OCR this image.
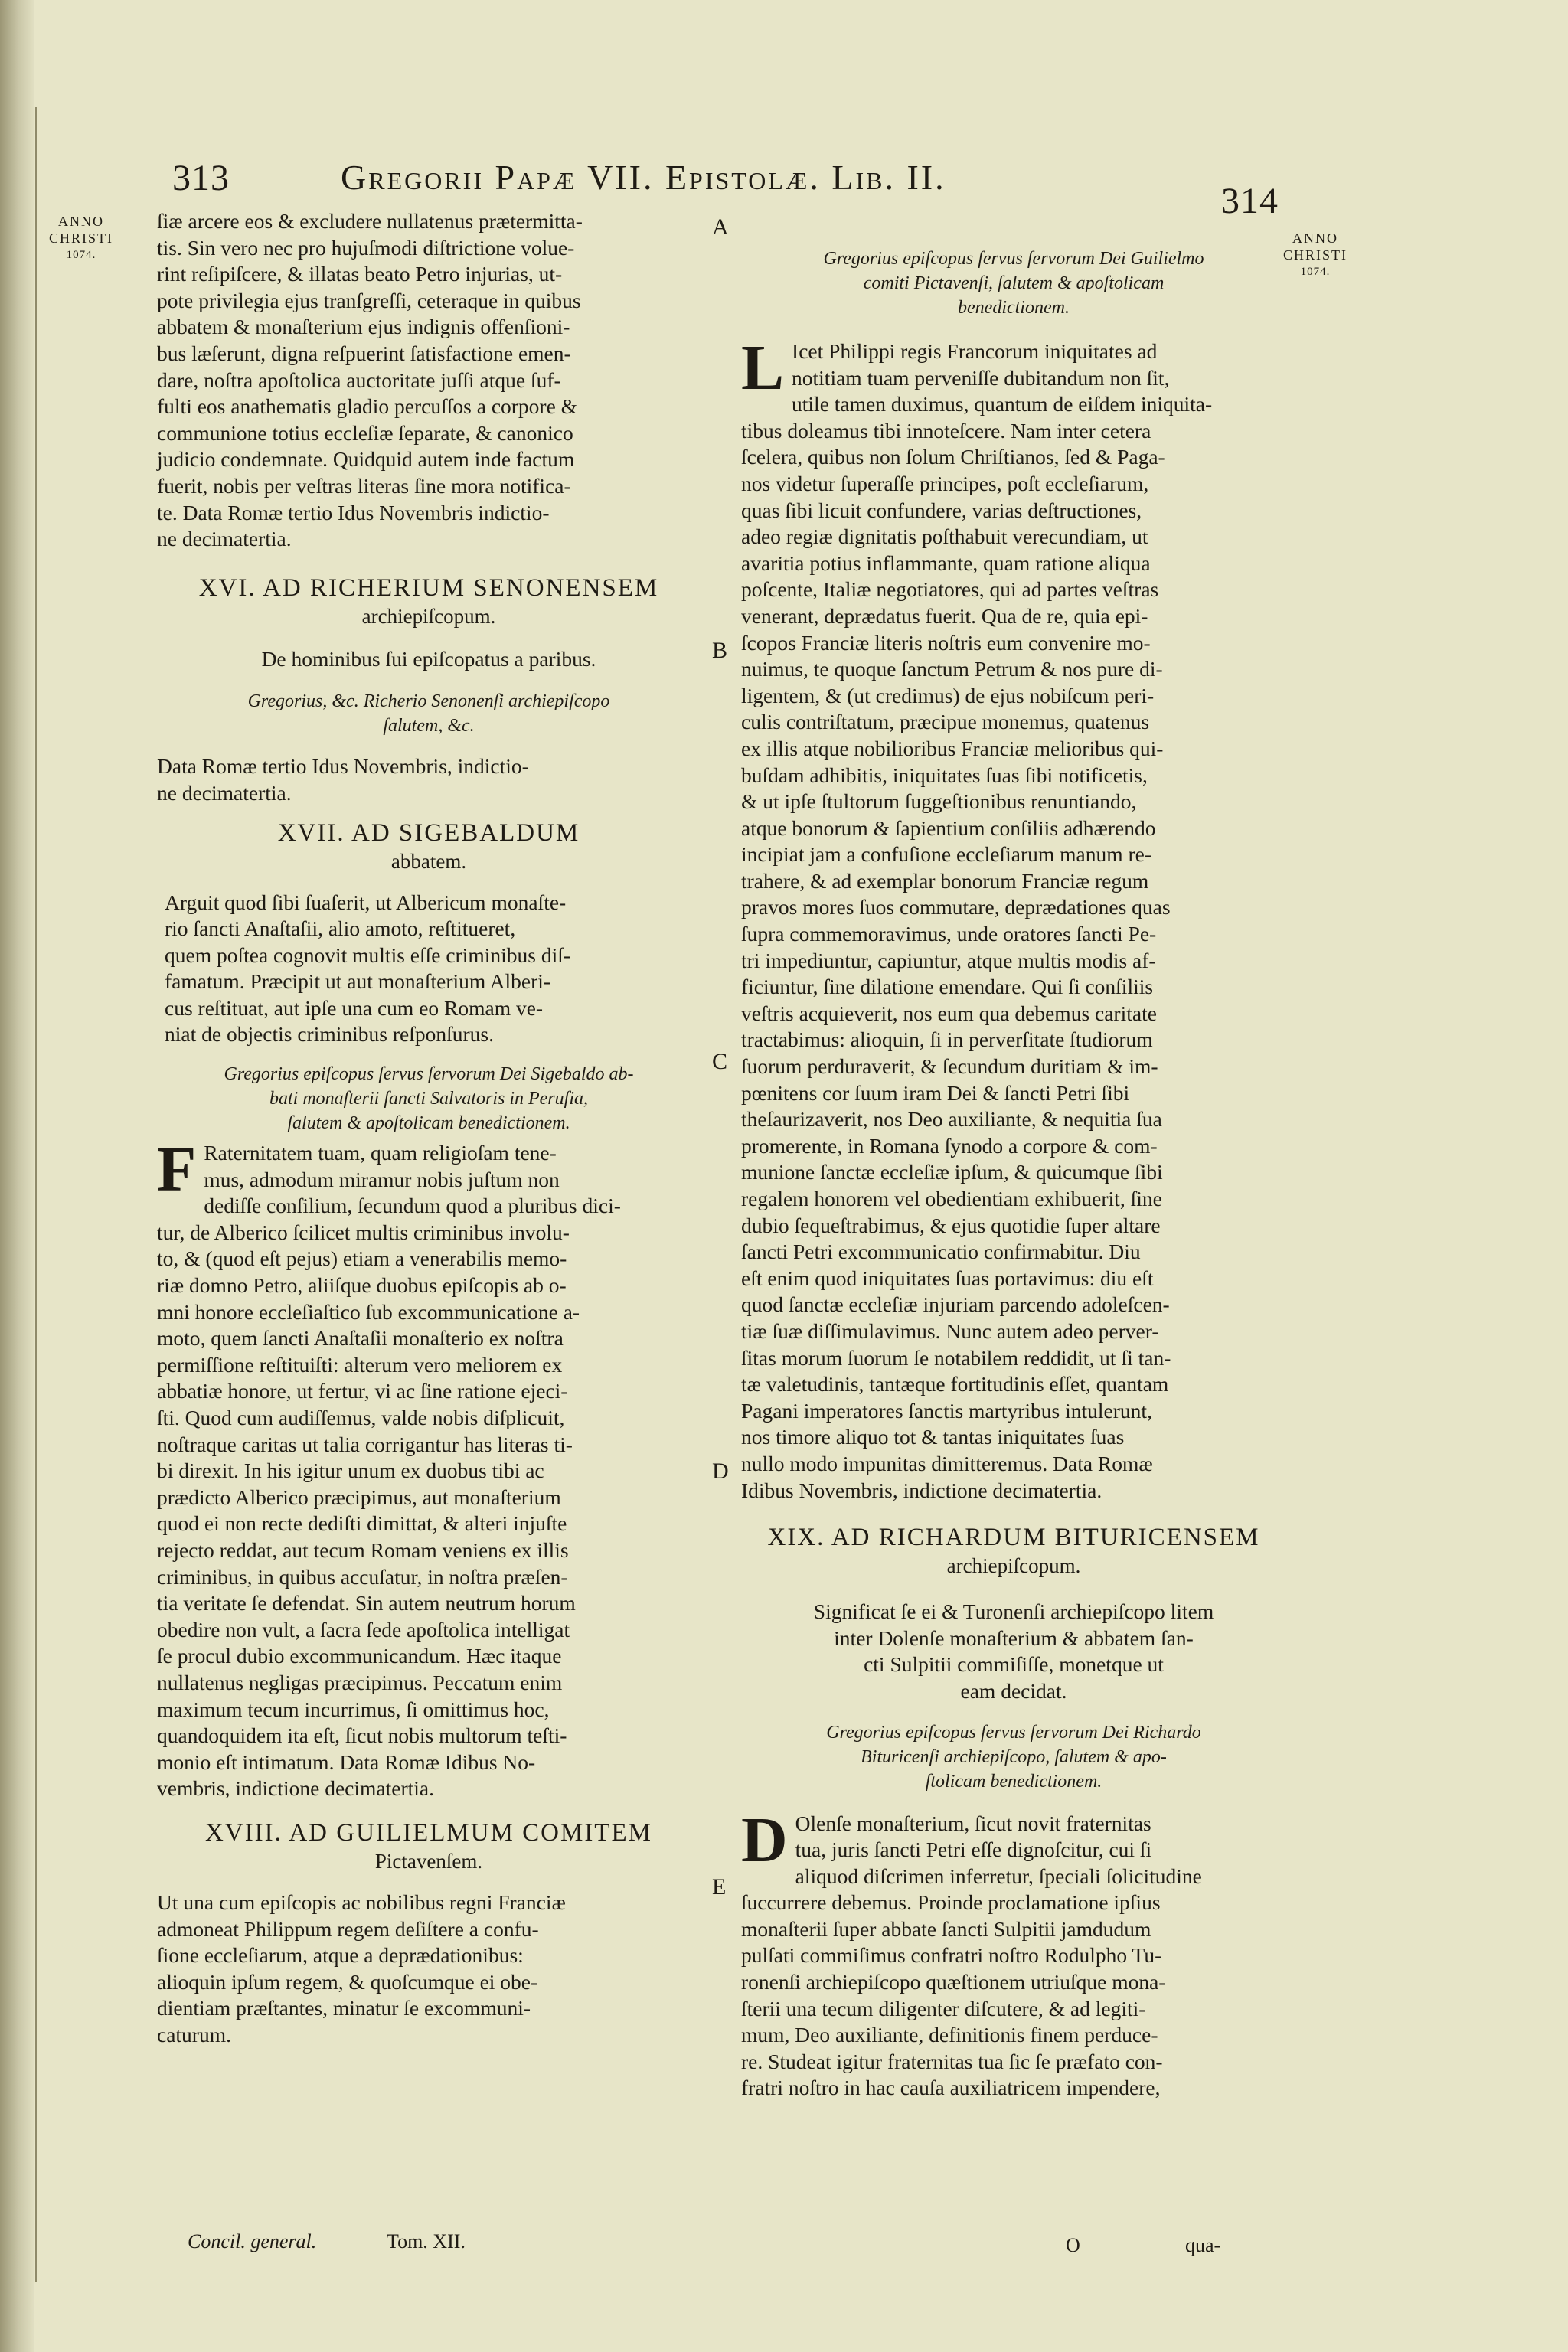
313	Gregorii Papæ VII. Epistolæ. Lib. II.
314
ANNO
CHRISTI
1074.
ANNO
CHRISTI
1074.
A
B
C
D
E

ſiæ arcere eos & excludere nullatenus prætermitta-
tis. Sin vero nec pro hujuſmodi diſtrictione volue-
rint reſipiſcere, & illatas beato Petro injurias, ut-
pote privilegia ejus tranſgreſſi, ceteraque in quibus
abbatem & monaſterium ejus indignis offenſioni-
bus læſerunt, digna reſpuerint ſatisfactione emen-
dare, noſtra apoſtolica auctoritate juſſi atque ſuf-
fulti eos anathematis gladio percuſſos a corpore &
communione totius eccleſiæ ſeparate, & canonico
judicio condemnate. Quidquid autem inde factum
fuerit, nobis per veſtras literas ſine mora notifica-
te. Data Romæ tertio Idus Novembris indictio-
ne decimatertia.

XVI. AD RICHERIUM SENONENSEM
archiepiſcopum.

De hominibus ſui epiſcopatus a paribus.

Gregorius, &c. Richerio Senonenſi archiepiſcopo
ſalutem, &c.

Data Romæ tertio Idus Novembris, indictio-
ne decimatertia.

XVII. AD SIGEBALDUM
abbatem.

Arguit quod ſibi ſuaſerit, ut Albericum monaſte-
rio ſancti Anaſtaſii, alio amoto, reſtitueret,
quem poſtea cognovit multis eſſe criminibus diſ-
famatum. Præcipit ut aut monaſterium Alberi-
cus reſtituat, aut ipſe una cum eo Romam ve-
niat de objectis criminibus reſponſurus.

Gregorius epiſcopus ſervus ſervorum Dei Sigebaldo ab-
bati monaſterii ſancti Salvatoris in Peruſia,
ſalutem & apoſtolicam benedictionem.

F Raternitatem tuam, quam religioſam tene-
mus, admodum miramur nobis juſtum non
dediſſe conſilium, ſecundum quod a pluribus dici-
tur, de Alberico ſcilicet multis criminibus involu-
to, & (quod eſt pejus) etiam a venerabilis memo-
riæ domno Petro, aliiſque duobus epiſcopis ab o-
mni honore eccleſiaſtico ſub excommunicatione a-
moto, quem ſancti Anaſtaſii monaſterio ex noſtra
permiſſione reſtituiſti: alterum vero meliorem ex
abbatiæ honore, ut fertur, vi ac ſine ratione ejeci-
ſti. Quod cum audiſſemus, valde nobis diſplicuit,
noſtraque caritas ut talia corrigantur has literas ti-
bi direxit. In his igitur unum ex duobus tibi ac
prædicto Alberico præcipimus, aut monaſterium
quod ei non recte dediſti dimittat, & alteri injuſte
rejecto reddat, aut tecum Romam veniens ex illis
criminibus, in quibus accuſatur, in noſtra præſen-
tia veritate ſe defendat. Sin autem neutrum horum
obedire non vult, a ſacra ſede apoſtolica intelligat
ſe procul dubio excommunicandum. Hæc itaque
nullatenus negligas præcipimus. Peccatum enim
maximum tecum incurrimus, ſi omittimus hoc,
quandoquidem ita eſt, ſicut nobis multorum teſti-
monio eſt intimatum. Data Romæ Idibus No-
vembris, indictione decimatertia.

XVIII. AD GUILIELMUM COMITEM
Pictavenſem.

Ut una cum epiſcopis ac nobilibus regni Franciæ
admoneat Philippum regem deſiſtere a confu-
ſione eccleſiarum, atque a deprædationibus:
alioquin ipſum regem, & quoſcumque ei obe-
dientiam præſtantes, minatur ſe excommuni-
caturum.

Concil. general.	Tom. XII.

Gregorius epiſcopus ſervus ſervorum Dei Guilielmo
comiti Pictavenſi, ſalutem & apoſtolicam
benedictionem.

L Icet Philippi regis Francorum iniquitates ad
notitiam tuam perveniſſe dubitandum non ſit,
utile tamen duximus, quantum de eiſdem iniquita-
tibus doleamus tibi innoteſcere. Nam inter cetera
ſcelera, quibus non ſolum Chriſtianos, ſed & Paga-
nos videtur ſuperaſſe principes, poſt eccleſiarum,
quas ſibi licuit confundere, varias deſtructiones,
adeo regiæ dignitatis poſthabuit verecundiam, ut
avaritia potius inflammante, quam ratione aliqua
poſcente, Italiæ negotiatores, qui ad partes veſtras
venerant, deprædatus fuerit. Qua de re, quia epi-
ſcopos Franciæ literis noſtris eum convenire mo-
nuimus, te quoque ſanctum Petrum & nos pure di-
ligentem, & (ut credimus) de ejus nobiſcum peri-
culis contriſtatum, præcipue monemus, quatenus
ex illis atque nobilioribus Franciæ melioribus qui-
buſdam adhibitis, iniquitates ſuas ſibi notificetis,
& ut ipſe ſtultorum ſuggeſtionibus renuntiando,
atque bonorum & ſapientium conſiliis adhærendo
incipiat jam a confuſione eccleſiarum manum re-
trahere, & ad exemplar bonorum Franciæ regum
pravos mores ſuos commutare, deprædationes quas
ſupra commemoravimus, unde oratores ſancti Pe-
tri impediuntur, capiuntur, atque multis modis af-
ficiuntur, ſine dilatione emendare. Qui ſi conſiliis
veſtris acquieverit, nos eum qua debemus caritate
tractabimus: alioquin, ſi in perverſitate ſtudiorum
ſuorum perduraverit, & ſecundum duritiam & im-
pœnitens cor ſuum iram Dei & ſancti Petri ſibi
theſaurizaverit, nos Deo auxiliante, & nequitia ſua
promerente, in Romana ſynodo a corpore & com-
munione ſanctæ eccleſiæ ipſum, & quicumque ſibi
regalem honorem vel obedientiam exhibuerit, ſine
dubio ſequeſtrabimus, & ejus quotidie ſuper altare
ſancti Petri excommunicatio confirmabitur. Diu
eſt enim quod iniquitates ſuas portavimus: diu eſt
quod ſanctæ eccleſiæ injuriam parcendo adoleſcen-
tiæ ſuæ diſſimulavimus. Nunc autem adeo perver-
ſitas morum ſuorum ſe notabilem reddidit, ut ſi tan-
tæ valetudinis, tantæque fortitudinis eſſet, quantam
Pagani imperatores ſanctis martyribus intulerunt,
nos timore aliquo tot & tantas iniquitates ſuas
nullo modo impunitas dimitteremus. Data Romæ
Idibus Novembris, indictione decimatertia.

XIX. AD RICHARDUM BITURICENSEM
archiepiſcopum.

Significat ſe ei & Turonenſi archiepiſcopo litem
inter Dolenſe monaſterium & abbatem ſan-
cti Sulpitii commiſiſſe, monetque ut
eam decidat.

Gregorius epiſcopus ſervus ſervorum Dei Richardo
Bituricenſi archiepiſcopo, ſalutem & apo-
ſtolicam benedictionem.

D Olenſe monaſterium, ſicut novit fraternitas
tua, juris ſancti Petri eſſe dignoſcitur, cui ſi
aliquod diſcrimen inferretur, ſpeciali ſolicitudine
ſuccurrere debemus. Proinde proclamatione ipſius
monaſterii ſuper abbate ſancti Sulpitii jamdudum
pulſati commiſimus confratri noſtro Rodulpho Tu-
ronenſi archiepiſcopo quæſtionem utriuſque mona-
ſterii una tecum diligenter diſcutere, & ad legiti-
mum, Deo auxiliante, definitionis finem perduce-
re. Studeat igitur fraternitas tua ſic ſe præfato con-
fratri noſtro in hac cauſa auxiliatricem impendere,

O	qua-
